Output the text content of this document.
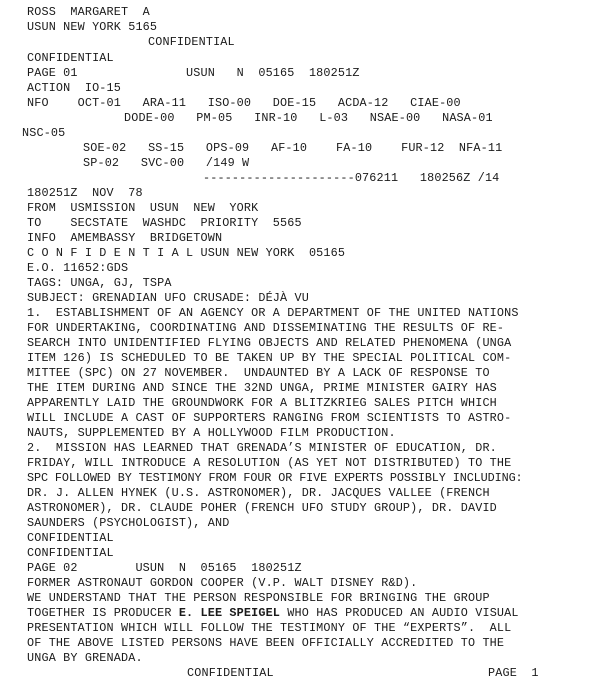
ROSS  MARGARET  A
USUN NEW YORK 5165
CONFIDENTIAL
CONFIDENTIAL
PAGE 01               USUN   N  05165  180251Z
ACTION  IO-15
NFO    OCT-01   ARA-11   ISO-00   DOE-15   ACDA-12   CIAE-00
DODE-00   PM-05   INR-10   L-03   NSAE-00   NASA-01
NSC-05
SOE-02   SS-15   OPS-09   AF-10    FA-10    FUR-12  NFA-11
SP-02   SVC-00   /149 W
---------------------076211   180256Z /14
180251Z  NOV  78
FROM  USMISSION  USUN  NEW  YORK
TO    SECSTATE  WASHDC  PRIORITY  5565
INFO  AMEMBASSY  BRIDGETOWN
C O N F I D E N T I A L USUN NEW YORK  05165
E.O. 11652:GDS
TAGS: UNGA, GJ, TSPA
SUBJECT: GRENADIAN UFO CRUSADE: DÉJÀ VU
1.  ESTABLISHMENT OF AN AGENCY OR A DEPARTMENT OF THE UNITED NATIONS
FOR UNDERTAKING, COORDINATING AND DISSEMINATING THE RESULTS OF RE-
SEARCH INTO UNIDENTIFIED FLYING OBJECTS AND RELATED PHENOMENA (UNGA
ITEM 126) IS SCHEDULED TO BE TAKEN UP BY THE SPECIAL POLITICAL COM-
MITTEE (SPC) ON 27 NOVEMBER.  UNDAUNTED BY A LACK OF RESPONSE TO
THE ITEM DURING AND SINCE THE 32ND UNGA, PRIME MINISTER GAIRY HAS
APPARENTLY LAID THE GROUNDWORK FOR A BLITZKRIEG SALES PITCH WHICH
WILL INCLUDE A CAST OF SUPPORTERS RANGING FROM SCIENTISTS TO ASTRO-
NAUTS, SUPPLEMENTED BY A HOLLYWOOD FILM PRODUCTION.
2.  MISSION HAS LEARNED THAT GRENADA’S MINISTER OF EDUCATION, DR.
FRIDAY, WILL INTRODUCE A RESOLUTION (AS YET NOT DISTRIBUTED) TO THE
SPC FOLLOWED BY TESTIMONY FROM FOUR OR FIVE EXPERTS POSSIBLY INCLUDING:
DR. J. ALLEN HYNEK (U.S. ASTRONOMER), DR. JACQUES VALLEE (FRENCH
ASTRONOMER), DR. CLAUDE POHER (FRENCH UFO STUDY GROUP), DR. DAVID
SAUNDERS (PSYCHOLOGIST), AND
CONFIDENTIAL
CONFIDENTIAL
PAGE 02        USUN  N  05165  180251Z
FORMER ASTRONAUT GORDON COOPER (V.P. WALT DISNEY R&D).
WE UNDERSTAND THAT THE PERSON RESPONSIBLE FOR BRINGING THE GROUP
TOGETHER IS PRODUCER E. LEE SPEIGEL WHO HAS PRODUCED AN AUDIO VISUAL
PRESENTATION WHICH WILL FOLLOW THE TESTIMONY OF THE “EXPERTS”.  ALL
OF THE ABOVE LISTED PERSONS HAVE BEEN OFFICIALLY ACCREDITED TO THE
UNGA BY GRENADA.
CONFIDENTIAL	PAGE  1
